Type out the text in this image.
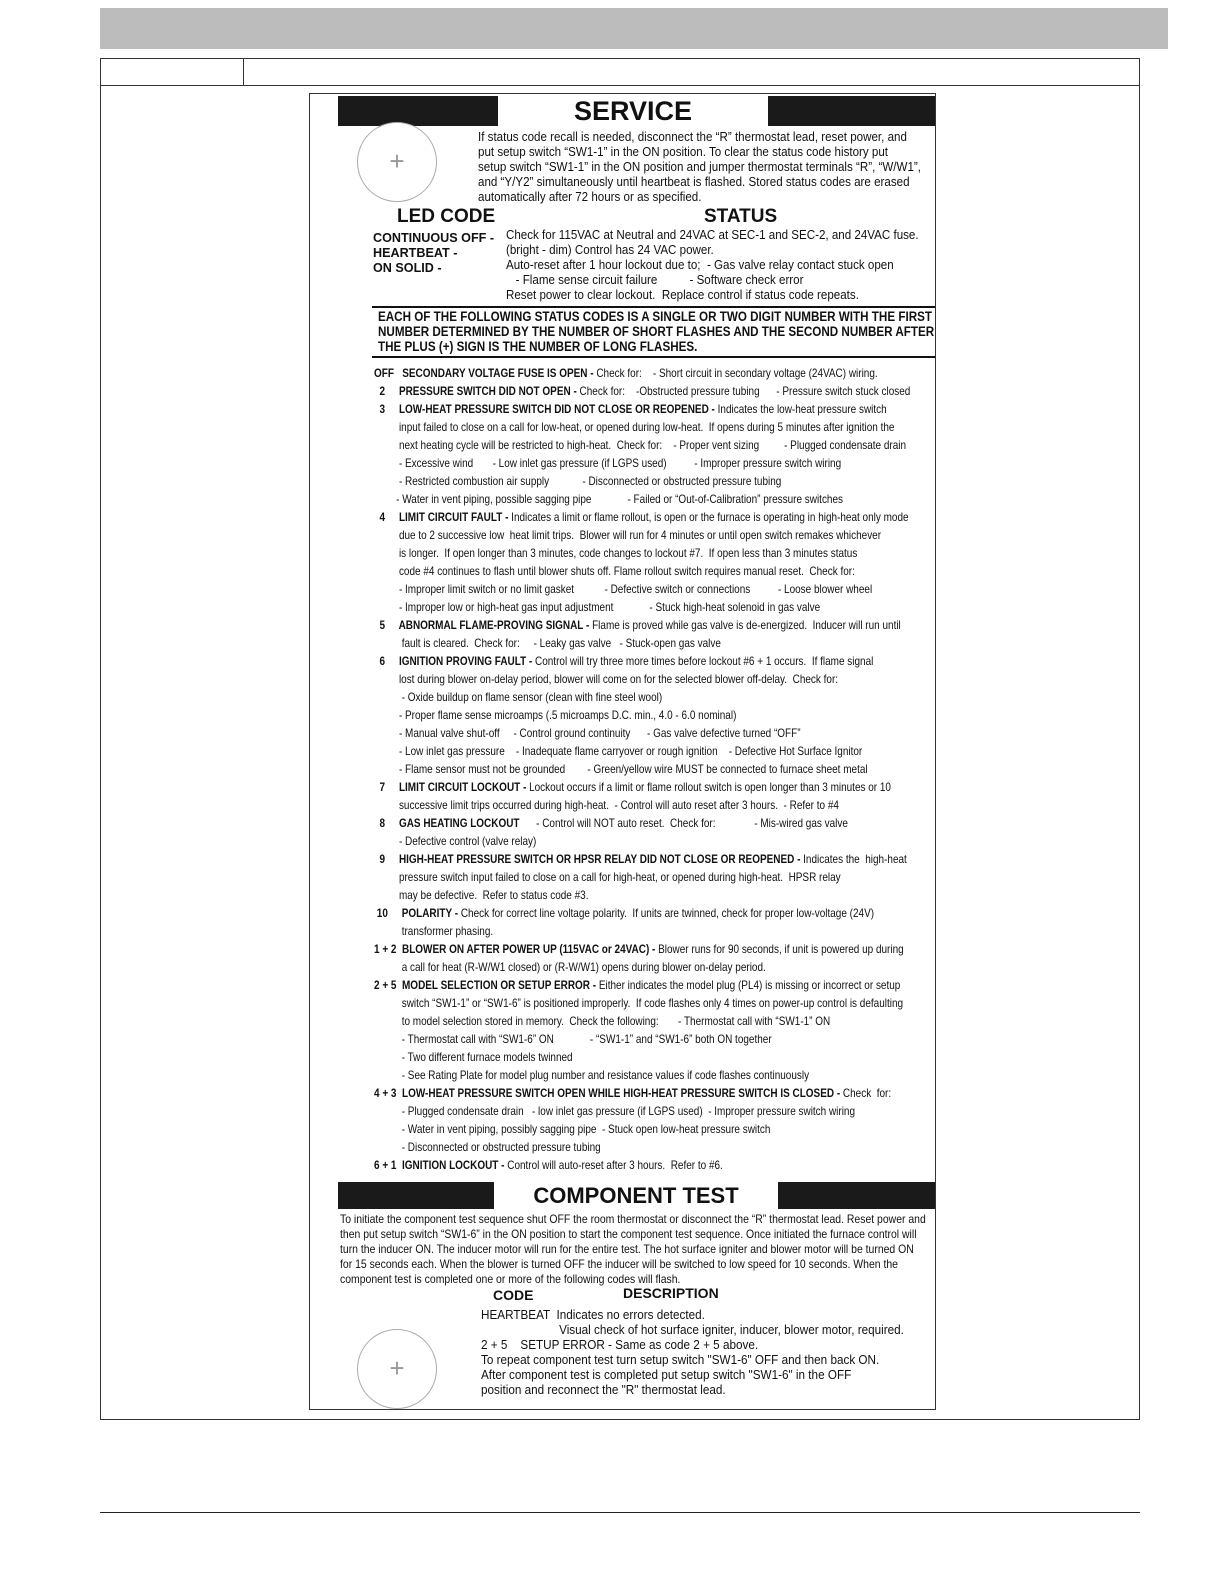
SERVICE
+
If status code recall is needed, disconnect the “R” thermostat lead, reset power, and
put setup switch “SW1-1” in the ON position. To clear the status code history put
setup switch “SW1-1” in the ON position and jumper thermostat terminals “R”, “W/W1”,
and “Y/Y2” simultaneously until heartbeat is flashed. Stored status codes are erased
automatically after 72 hours or as specified.
LED CODE	STATUS
CONTINUOUS OFF -
HEARTBEAT -
ON SOLID -
Check for 115VAC at Neutral and 24VAC at SEC-1 and SEC-2, and 24VAC fuse.
(bright - dim) Control has 24 VAC power.
Auto-reset after 1 hour lockout due to;  - Gas valve relay contact stuck open
- Flame sense circuit failure          - Software check error
Reset power to clear lockout.  Replace control if status code repeats.
EACH OF THE FOLLOWING STATUS CODES IS A SINGLE OR TWO DIGIT NUMBER WITH THE FIRST
NUMBER DETERMINED BY THE NUMBER OF SHORT FLASHES AND THE SECOND NUMBER AFTER
THE PLUS (+) SIGN IS THE NUMBER OF LONG FLASHES.
OFF   SECONDARY VOLTAGE FUSE IS OPEN - Check for:    - Short circuit in secondary voltage (24VAC) wiring.
2     PRESSURE SWITCH DID NOT OPEN - Check for:    -Obstructed pressure tubing      - Pressure switch stuck closed
3     LOW-HEAT PRESSURE SWITCH DID NOT CLOSE OR REOPENED - Indicates the low-heat pressure switch
input failed to close on a call for low-heat, or opened during low-heat.  If opens during 5 minutes after ignition the
next heating cycle will be restricted to high-heat.  Check for:    - Proper vent sizing         - Plugged condensate drain
- Excessive wind       - Low inlet gas pressure (if LGPS used)          - Improper pressure switch wiring
- Restricted combustion air supply            - Disconnected or obstructed pressure tubing
- Water in vent piping, possible sagging pipe             - Failed or “Out-of-Calibration” pressure switches
4     LIMIT CIRCUIT FAULT - Indicates a limit or flame rollout, is open or the furnace is operating in high-heat only mode
due to 2 successive low  heat limit trips.  Blower will run for 4 minutes or until open switch remakes whichever
is longer.  If open longer than 3 minutes, code changes to lockout #7.  If open less than 3 minutes status
code #4 continues to flash until blower shuts off. Flame rollout switch requires manual reset.  Check for:
- Improper limit switch or no limit gasket           - Defective switch or connections          - Loose blower wheel
- Improper low or high-heat gas input adjustment             - Stuck high-heat solenoid in gas valve
5     ABNORMAL FLAME-PROVING SIGNAL - Flame is proved while gas valve is de-energized.  Inducer will run until
fault is cleared.  Check for:     - Leaky gas valve   - Stuck-open gas valve
6     IGNITION PROVING FAULT - Control will try three more times before lockout #6 + 1 occurs.  If flame signal
lost during blower on-delay period, blower will come on for the selected blower off-delay.  Check for:
- Oxide buildup on flame sensor (clean with fine steel wool)
- Proper flame sense microamps (.5 microamps D.C. min., 4.0 - 6.0 nominal)
- Manual valve shut-off     - Control ground continuity      - Gas valve defective turned “OFF”
- Low inlet gas pressure    - Inadequate flame carryover or rough ignition    - Defective Hot Surface Ignitor
- Flame sensor must not be grounded        - Green/yellow wire MUST be connected to furnace sheet metal
7     LIMIT CIRCUIT LOCKOUT - Lockout occurs if a limit or flame rollout switch is open longer than 3 minutes or 10
successive limit trips occurred during high-heat.  - Control will auto reset after 3 hours.  - Refer to #4
8     GAS HEATING LOCKOUT      - Control will NOT auto reset.  Check for:              - Mis-wired gas valve
- Defective control (valve relay)
9     HIGH-HEAT PRESSURE SWITCH OR HPSR RELAY DID NOT CLOSE OR REOPENED - Indicates the  high-heat
pressure switch input failed to close on a call for high-heat, or opened during high-heat.  HPSR relay
may be defective.  Refer to status code #3.
10     POLARITY - Check for correct line voltage polarity.  If units are twinned, check for proper low-voltage (24V)
transformer phasing.
1 + 2  BLOWER ON AFTER POWER UP (115VAC or 24VAC) - Blower runs for 90 seconds, if unit is powered up during
a call for heat (R-W/W1 closed) or (R-W/W1) opens during blower on-delay period.
2 + 5  MODEL SELECTION OR SETUP ERROR - Either indicates the model plug (PL4) is missing or incorrect or setup
switch “SW1-1” or “SW1-6” is positioned improperly.  If code flashes only 4 times on power-up control is defaulting
to model selection stored in memory.  Check the following:       - Thermostat call with “SW1-1” ON
- Thermostat call with “SW1-6” ON             - “SW1-1” and “SW1-6” both ON together
- Two different furnace models twinned
- See Rating Plate for model plug number and resistance values if code flashes continuously
4 + 3  LOW-HEAT PRESSURE SWITCH OPEN WHILE HIGH-HEAT PRESSURE SWITCH IS CLOSED - Check  for:
- Plugged condensate drain   - low inlet gas pressure (if LGPS used)  - Improper pressure switch wiring
- Water in vent piping, possibly sagging pipe  - Stuck open low-heat pressure switch
- Disconnected or obstructed pressure tubing
6 + 1  IGNITION LOCKOUT - Control will auto-reset after 3 hours.  Refer to #6.
COMPONENT TEST
To initiate the component test sequence shut OFF the room thermostat or disconnect the “R” thermostat lead. Reset power and
then put setup switch “SW1-6” in the ON position to start the component test sequence. Once initiated the furnace control will
turn the inducer ON. The inducer motor will run for the entire test. The hot surface igniter and blower motor will be turned ON
for 15 seconds each. When the blower is turned OFF the inducer will be switched to low speed for 10 seconds. When the
component test is completed one or more of the following codes will flash.
CODE	DESCRIPTION
HEARTBEAT  Indicates no errors detected.
Visual check of hot surface igniter, inducer, blower motor, required.
2 + 5    SETUP ERROR - Same as code 2 + 5 above.
To repeat component test turn setup switch "SW1-6" OFF and then back ON.
After component test is completed put setup switch "SW1-6" in the OFF
position and reconnect the "R" thermostat lead.
+
